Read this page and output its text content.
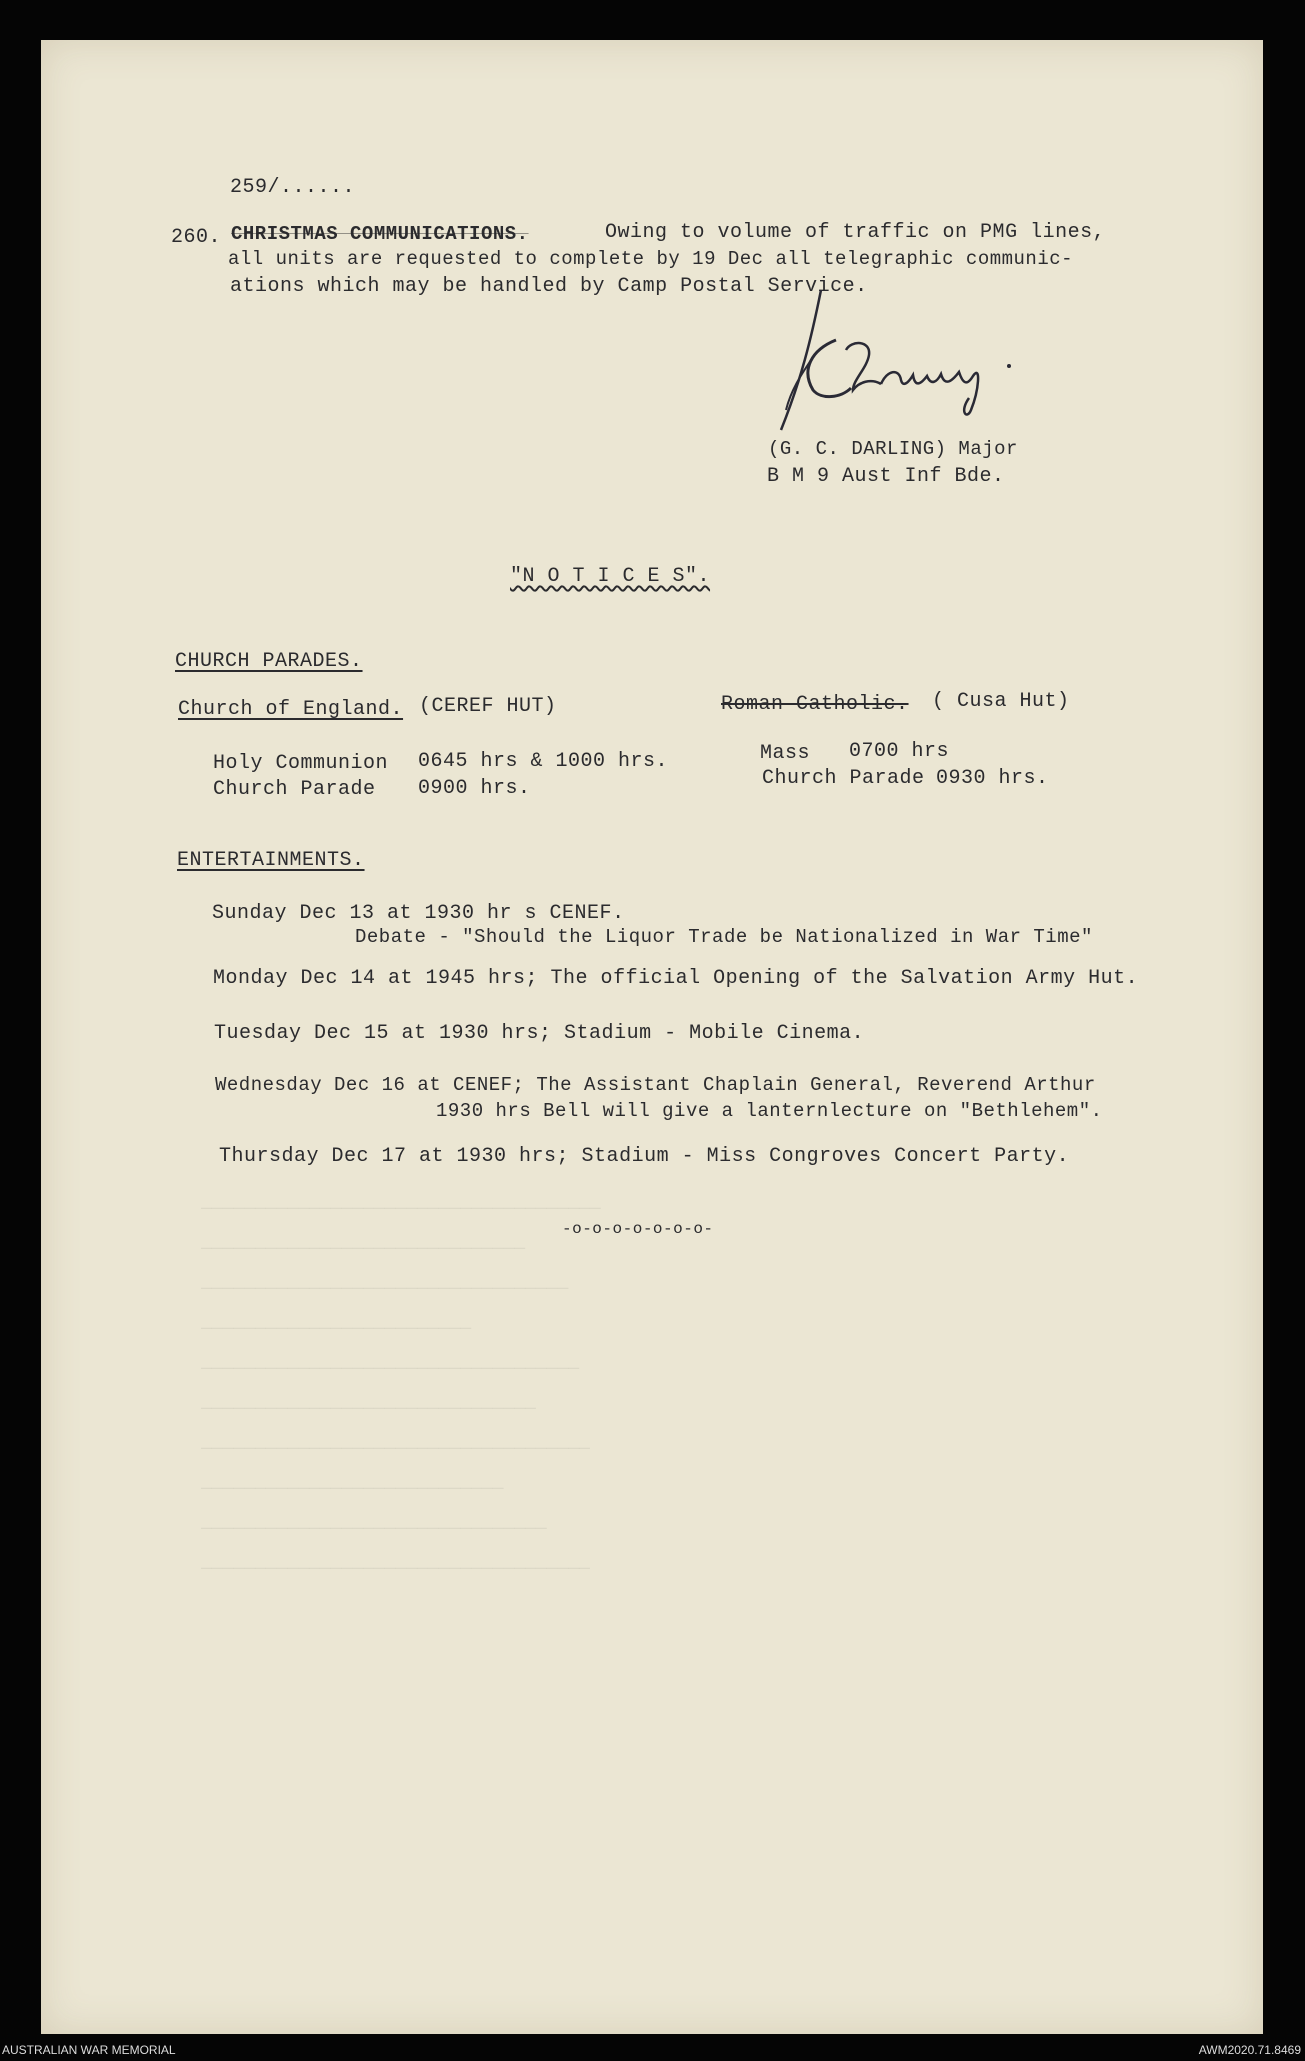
─────────────────────────────────────
──────────────────────────────
──────────────────────────────────
─────────────────────────
───────────────────────────────────
───────────────────────────────
────────────────────────────────────
────────────────────────────
────────────────────────────────
────────────────────────────────────
259/......
260. CHRISTMAS COMMUNICATIONS.	Owing to volume of traffic on PMG lines,
all units are requested to complete by 19 Dec all telegraphic communic-
ations which may be handled by Camp Postal Service.
(G. C. DARLING) Major
B M 9 Aust Inf Bde.
"N O T I C E S".
CHURCH PARADES.
Church of England. (CEREF HUT)
Holy Communion 0645 hrs & 1000 hrs.
Church Parade 0900 hrs.
Roman Catholic. ( Cusa Hut)
Mass 0700 hrs
Church Parade 0930 hrs.
ENTERTAINMENTS.
Sunday Dec 13 at 1930 hr s CENEF.
Debate - "Should the Liquor Trade be Nationalized in War Time"
Monday Dec 14 at 1945 hrs; The official Opening of the Salvation Army Hut.
Tuesday Dec 15 at 1930 hrs; Stadium - Mobile Cinema.
Wednesday Dec 16 at CENEF; The Assistant Chaplain General, Reverend Arthur
1930 hrs Bell will give a lanternlecture on "Bethlehem".
Thursday Dec 17 at 1930 hrs; Stadium - Miss Congroves Concert Party.
-o-o-o-o-o-o-o-
AUSTRALIAN WAR MEMORIAL	AWM2020.71.8469
